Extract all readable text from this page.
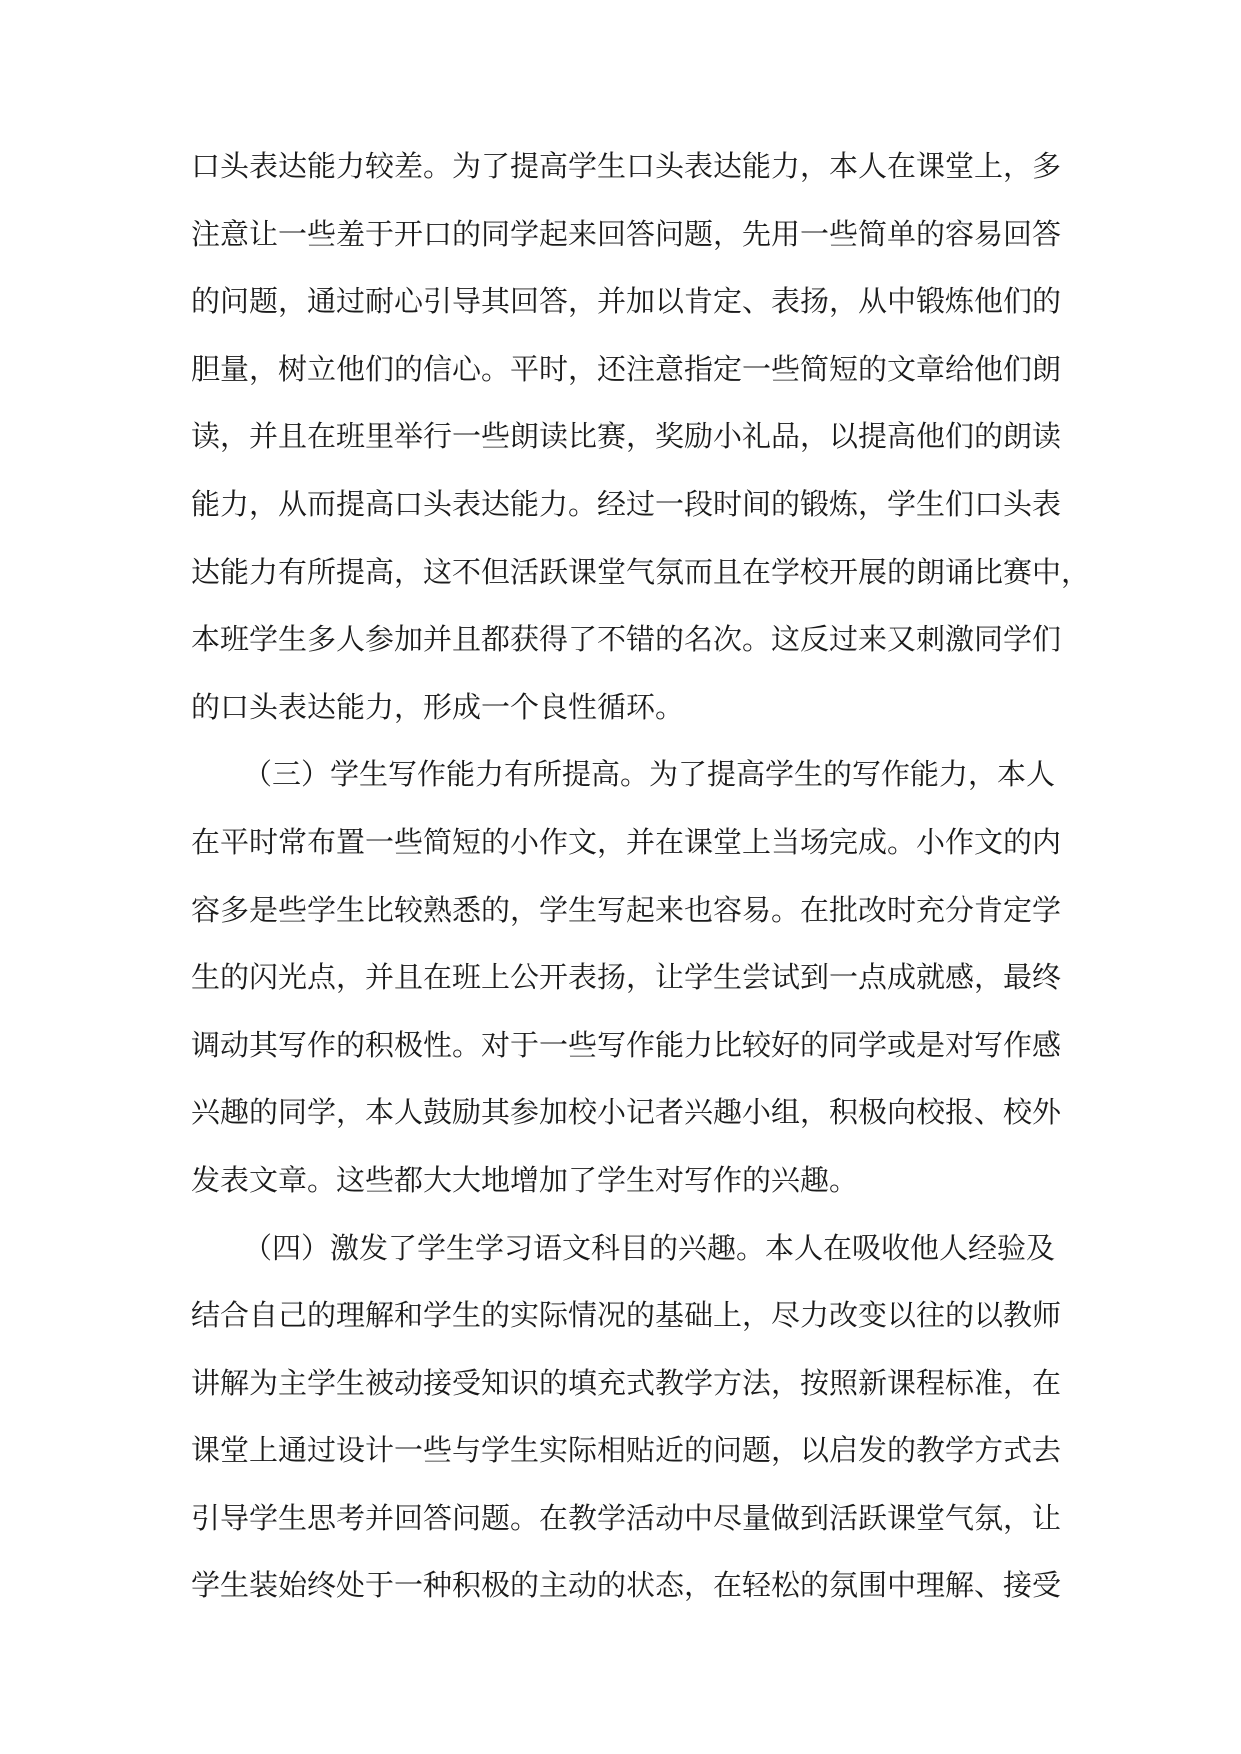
口头表达能力较差。为了提高学生口头表达能力，本人在课堂上，多
注意让一些羞于开口的同学起来回答问题，先用一些简单的容易回答
的问题，通过耐心引导其回答，并加以肯定、表扬，从中锻炼他们的
胆量，树立他们的信心。平时，还注意指定一些简短的文章给他们朗
读，并且在班里举行一些朗读比赛，奖励小礼品，以提高他们的朗读
能力，从而提高口头表达能力。经过一段时间的锻炼，学生们口头表
达能力有所提高，这不但活跃课堂气氛而且在学校开展的朗诵比赛中，
本班学生多人参加并且都获得了不错的名次。这反过来又刺激同学们
的口头表达能力，形成一个良性循环。
（三）学生写作能力有所提高。为了提高学生的写作能力，本人
在平时常布置一些简短的小作文，并在课堂上当场完成。小作文的内
容多是些学生比较熟悉的，学生写起来也容易。在批改时充分肯定学
生的闪光点，并且在班上公开表扬，让学生尝试到一点成就感，最终
调动其写作的积极性。对于一些写作能力比较好的同学或是对写作感
兴趣的同学，本人鼓励其参加校小记者兴趣小组，积极向校报、校外
发表文章。这些都大大地增加了学生对写作的兴趣。
（四）激发了学生学习语文科目的兴趣。本人在吸收他人经验及
结合自己的理解和学生的实际情况的基础上，尽力改变以往的以教师
讲解为主学生被动接受知识的填充式教学方法，按照新课程标准，在
课堂上通过设计一些与学生实际相贴近的问题，以启发的教学方式去
引导学生思考并回答问题。在教学活动中尽量做到活跃课堂气氛，让
学生装始终处于一种积极的主动的状态，在轻松的氛围中理解、接受
